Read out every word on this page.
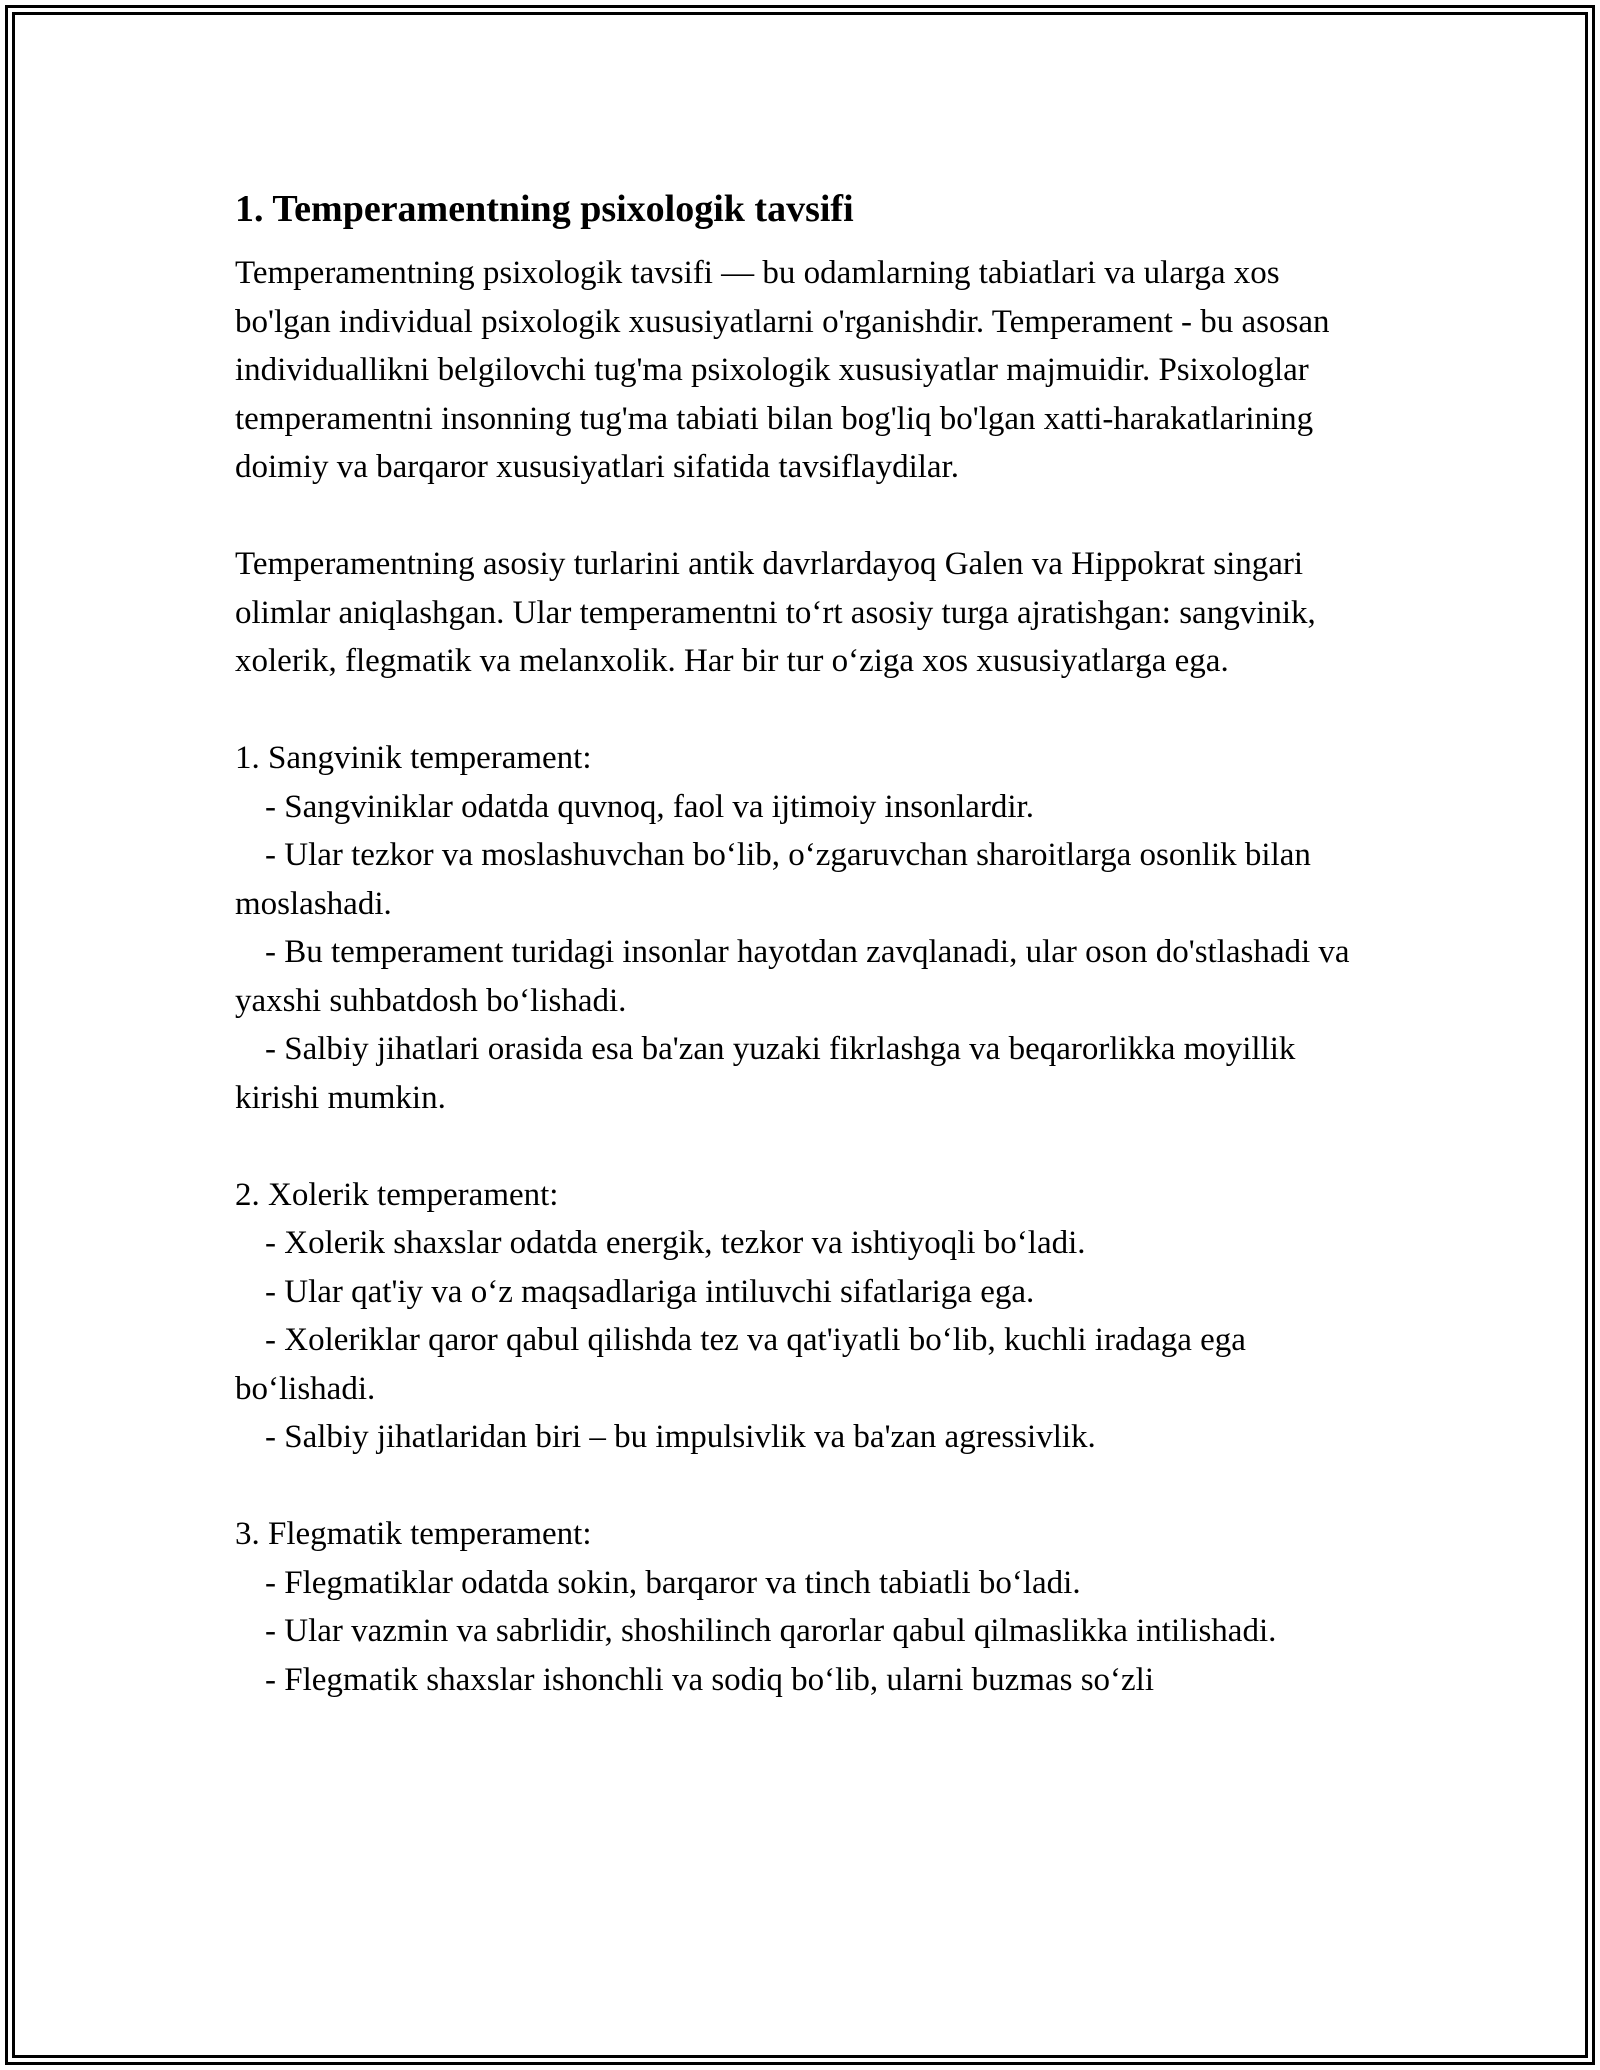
1. Temperamentning psixologik tavsifi

Temperamentning psixologik tavsifi — bu odamlarning tabiatlari va ularga xos bo'lgan individual psixologik xususiyatlarni o'rganishdir. Temperament - bu asosan individuallikni belgilovchi tug'ma psixologik xususiyatlar majmuidir. Psixologlar temperamentni insonning tug'ma tabiati bilan bog'liq bo'lgan xatti-harakatlarining doimiy va barqaror xususiyatlari sifatida tavsiflaydilar.

Temperamentning asosiy turlarini antik davrlardayoq Galen va Hippokrat singari olimlar aniqlashgan. Ular temperamentni to‘rt asosiy turga ajratishgan: sangvinik, xolerik, flegmatik va melanxolik. Har bir tur o‘ziga xos xususiyatlarga ega.

1. Sangvinik temperament:

- Sangviniklar odatda quvnoq, faol va ijtimoiy insonlardir.

- Ular tezkor va moslashuvchan bo‘lib, o‘zgaruvchan sharoitlarga osonlik bilan moslashadi.

- Bu temperament turidagi insonlar hayotdan zavqlanadi, ular oson do'stlashadi va yaxshi suhbatdosh bo‘lishadi.

- Salbiy jihatlari orasida esa ba'zan yuzaki fikrlashga va beqarorlikka moyillik kirishi mumkin.

2. Xolerik temperament:

- Xolerik shaxslar odatda energik, tezkor va ishtiyoqli bo‘ladi.

- Ular qat'iy va o‘z maqsadlariga intiluvchi sifatlariga ega.

- Xoleriklar qaror qabul qilishda tez va qat'iyatli bo‘lib, kuchli iradaga ega bo‘lishadi.

- Salbiy jihatlaridan biri – bu impulsivlik va ba'zan agressivlik.

3. Flegmatik temperament:

- Flegmatiklar odatda sokin, barqaror va tinch tabiatli bo‘ladi.

- Ular vazmin va sabrlidir, shoshilinch qarorlar qabul qilmaslikka intilishadi.

- Flegmatik shaxslar ishonchli va sodiq bo‘lib, ularni buzmas so‘zli
